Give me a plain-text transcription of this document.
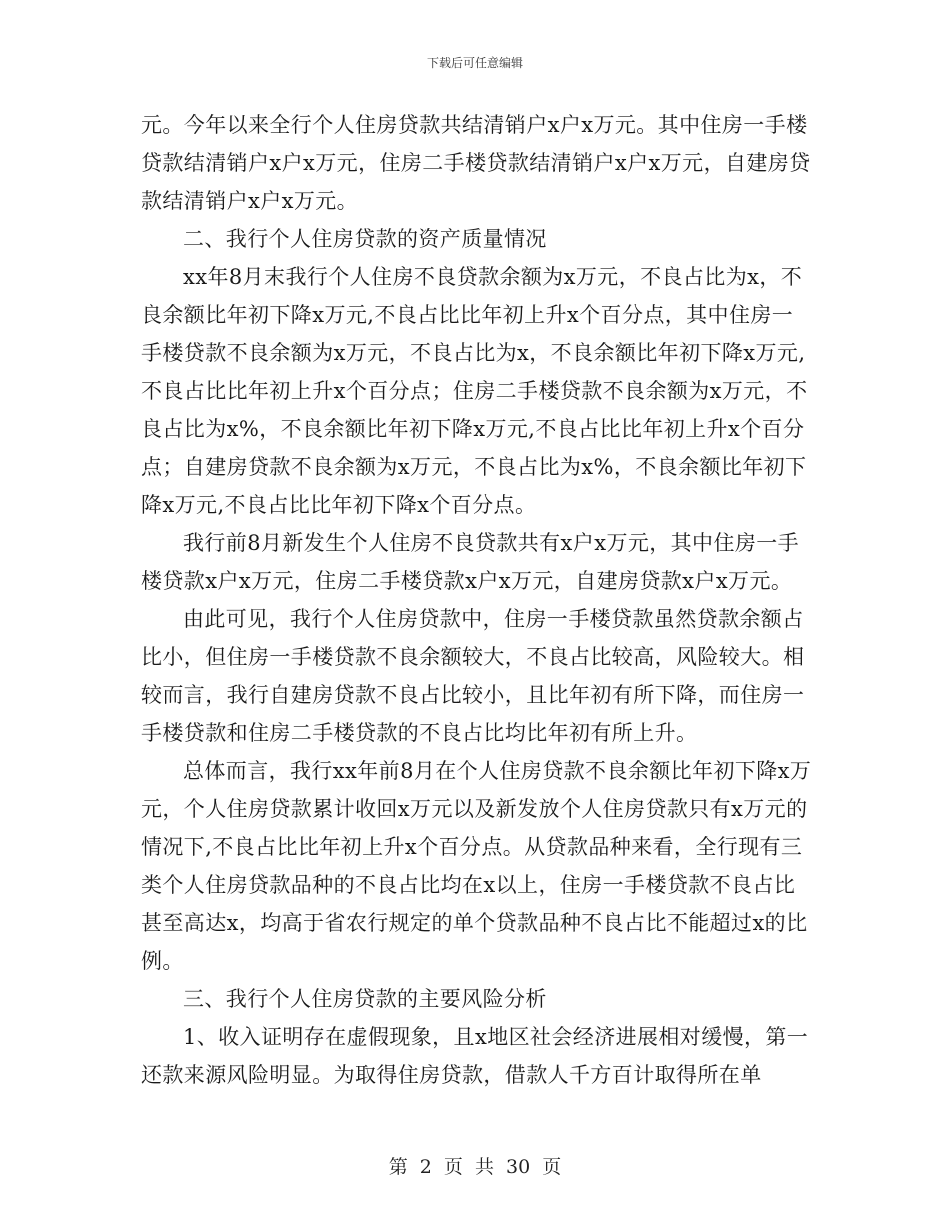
下载后可任意编辑

元。今年以来全行个人住房贷款共结清销户x户x万元。其中住房一手楼贷款结清销户x户x万元，住房二手楼贷款结清销户x户x万元，自建房贷款结清销户x户x万元。

二、我行个人住房贷款的资产质量情况

xx年8月末我行个人住房不良贷款余额为x万元，不良占比为x，不良余额比年初下降x万元,不良占比比年初上升x个百分点，其中住房一手楼贷款不良余额为x万元，不良占比为x，不良余额比年初下降x万元,不良占比比年初上升x个百分点；住房二手楼贷款不良余额为x万元，不良占比为x%，不良余额比年初下降x万元,不良占比比年初上升x个百分点；自建房贷款不良余额为x万元，不良占比为x%，不良余额比年初下降x万元,不良占比比年初下降x个百分点。

我行前8月新发生个人住房不良贷款共有x户x万元，其中住房一手楼贷款x户x万元，住房二手楼贷款x户x万元，自建房贷款x户x万元。

由此可见，我行个人住房贷款中，住房一手楼贷款虽然贷款余额占比小，但住房一手楼贷款不良余额较大，不良占比较高，风险较大。相较而言，我行自建房贷款不良占比较小，且比年初有所下降，而住房一手楼贷款和住房二手楼贷款的不良占比均比年初有所上升。

总体而言，我行xx年前8月在个人住房贷款不良余额比年初下降x万元，个人住房贷款累计收回x万元以及新发放个人住房贷款只有x万元的情况下,不良占比比年初上升x个百分点。从贷款品种来看，全行现有三类个人住房贷款品种的不良占比均在x以上，住房一手楼贷款不良占比甚至高达x，均高于省农行规定的单个贷款品种不良占比不能超过x的比例。

三、我行个人住房贷款的主要风险分析

1、收入证明存在虚假现象，且x地区社会经济进展相对缓慢，第一还款来源风险明显。为取得住房贷款，借款人千方百计取得所在单

第 2 页 共 30 页
